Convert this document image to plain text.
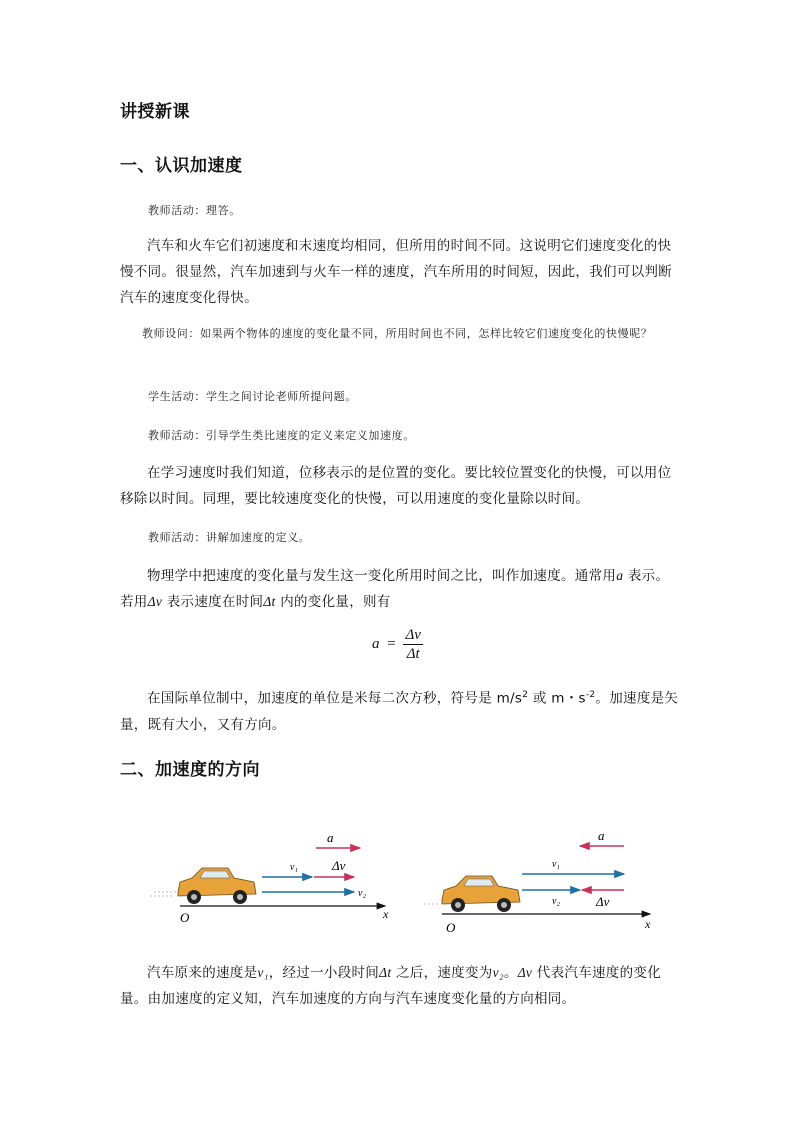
讲授新课
一、认识加速度
教师活动：理答。
汽车和火车它们初速度和末速度均相同，但所用的时间不同。这说明它们速度变化的快慢不同。很显然，汽车加速到与火车一样的速度，汽车所用的时间短，因此，我们可以判断汽车的速度变化得快。
教师设问：如果两个物体的速度的变化量不同，所用时间也不同，怎样比较它们速度变化的快慢呢？
学生活动：学生之间讨论老师所提问题。
教师活动：引导学生类比速度的定义来定义加速度。
在学习速度时我们知道，位移表示的是位置的变化。要比较位置变化的快慢，可以用位移除以时间。同理，要比较速度变化的快慢，可以用速度的变化量除以时间。
教师活动：讲解加速度的定义。
物理学中把速度的变化量与发生这一变化所用时间之比，叫作加速度。通常用a 表示。若用Δv 表示速度在时间Δt 内的变化量，则有
$a = \frac{\Delta v}{\Delta t}$
在国际单位制中，加速度的单位是米每二次方秒，符号是 $m/s^2$ 或 m・$s^{-2}$。加速度是矢量，既有大小，又有方向。
二、加速度的方向
O	x
a
v₁	Δv
v₂
O	x
a
v₁
v₂	Δv
汽车原来的速度是v₁，经过一小段时间Δt 之后，速度变为v₂。Δv 代表汽车速度的变化量。由加速度的定义知，汽车加速度的方向与汽车速度变化量的方向相同。
